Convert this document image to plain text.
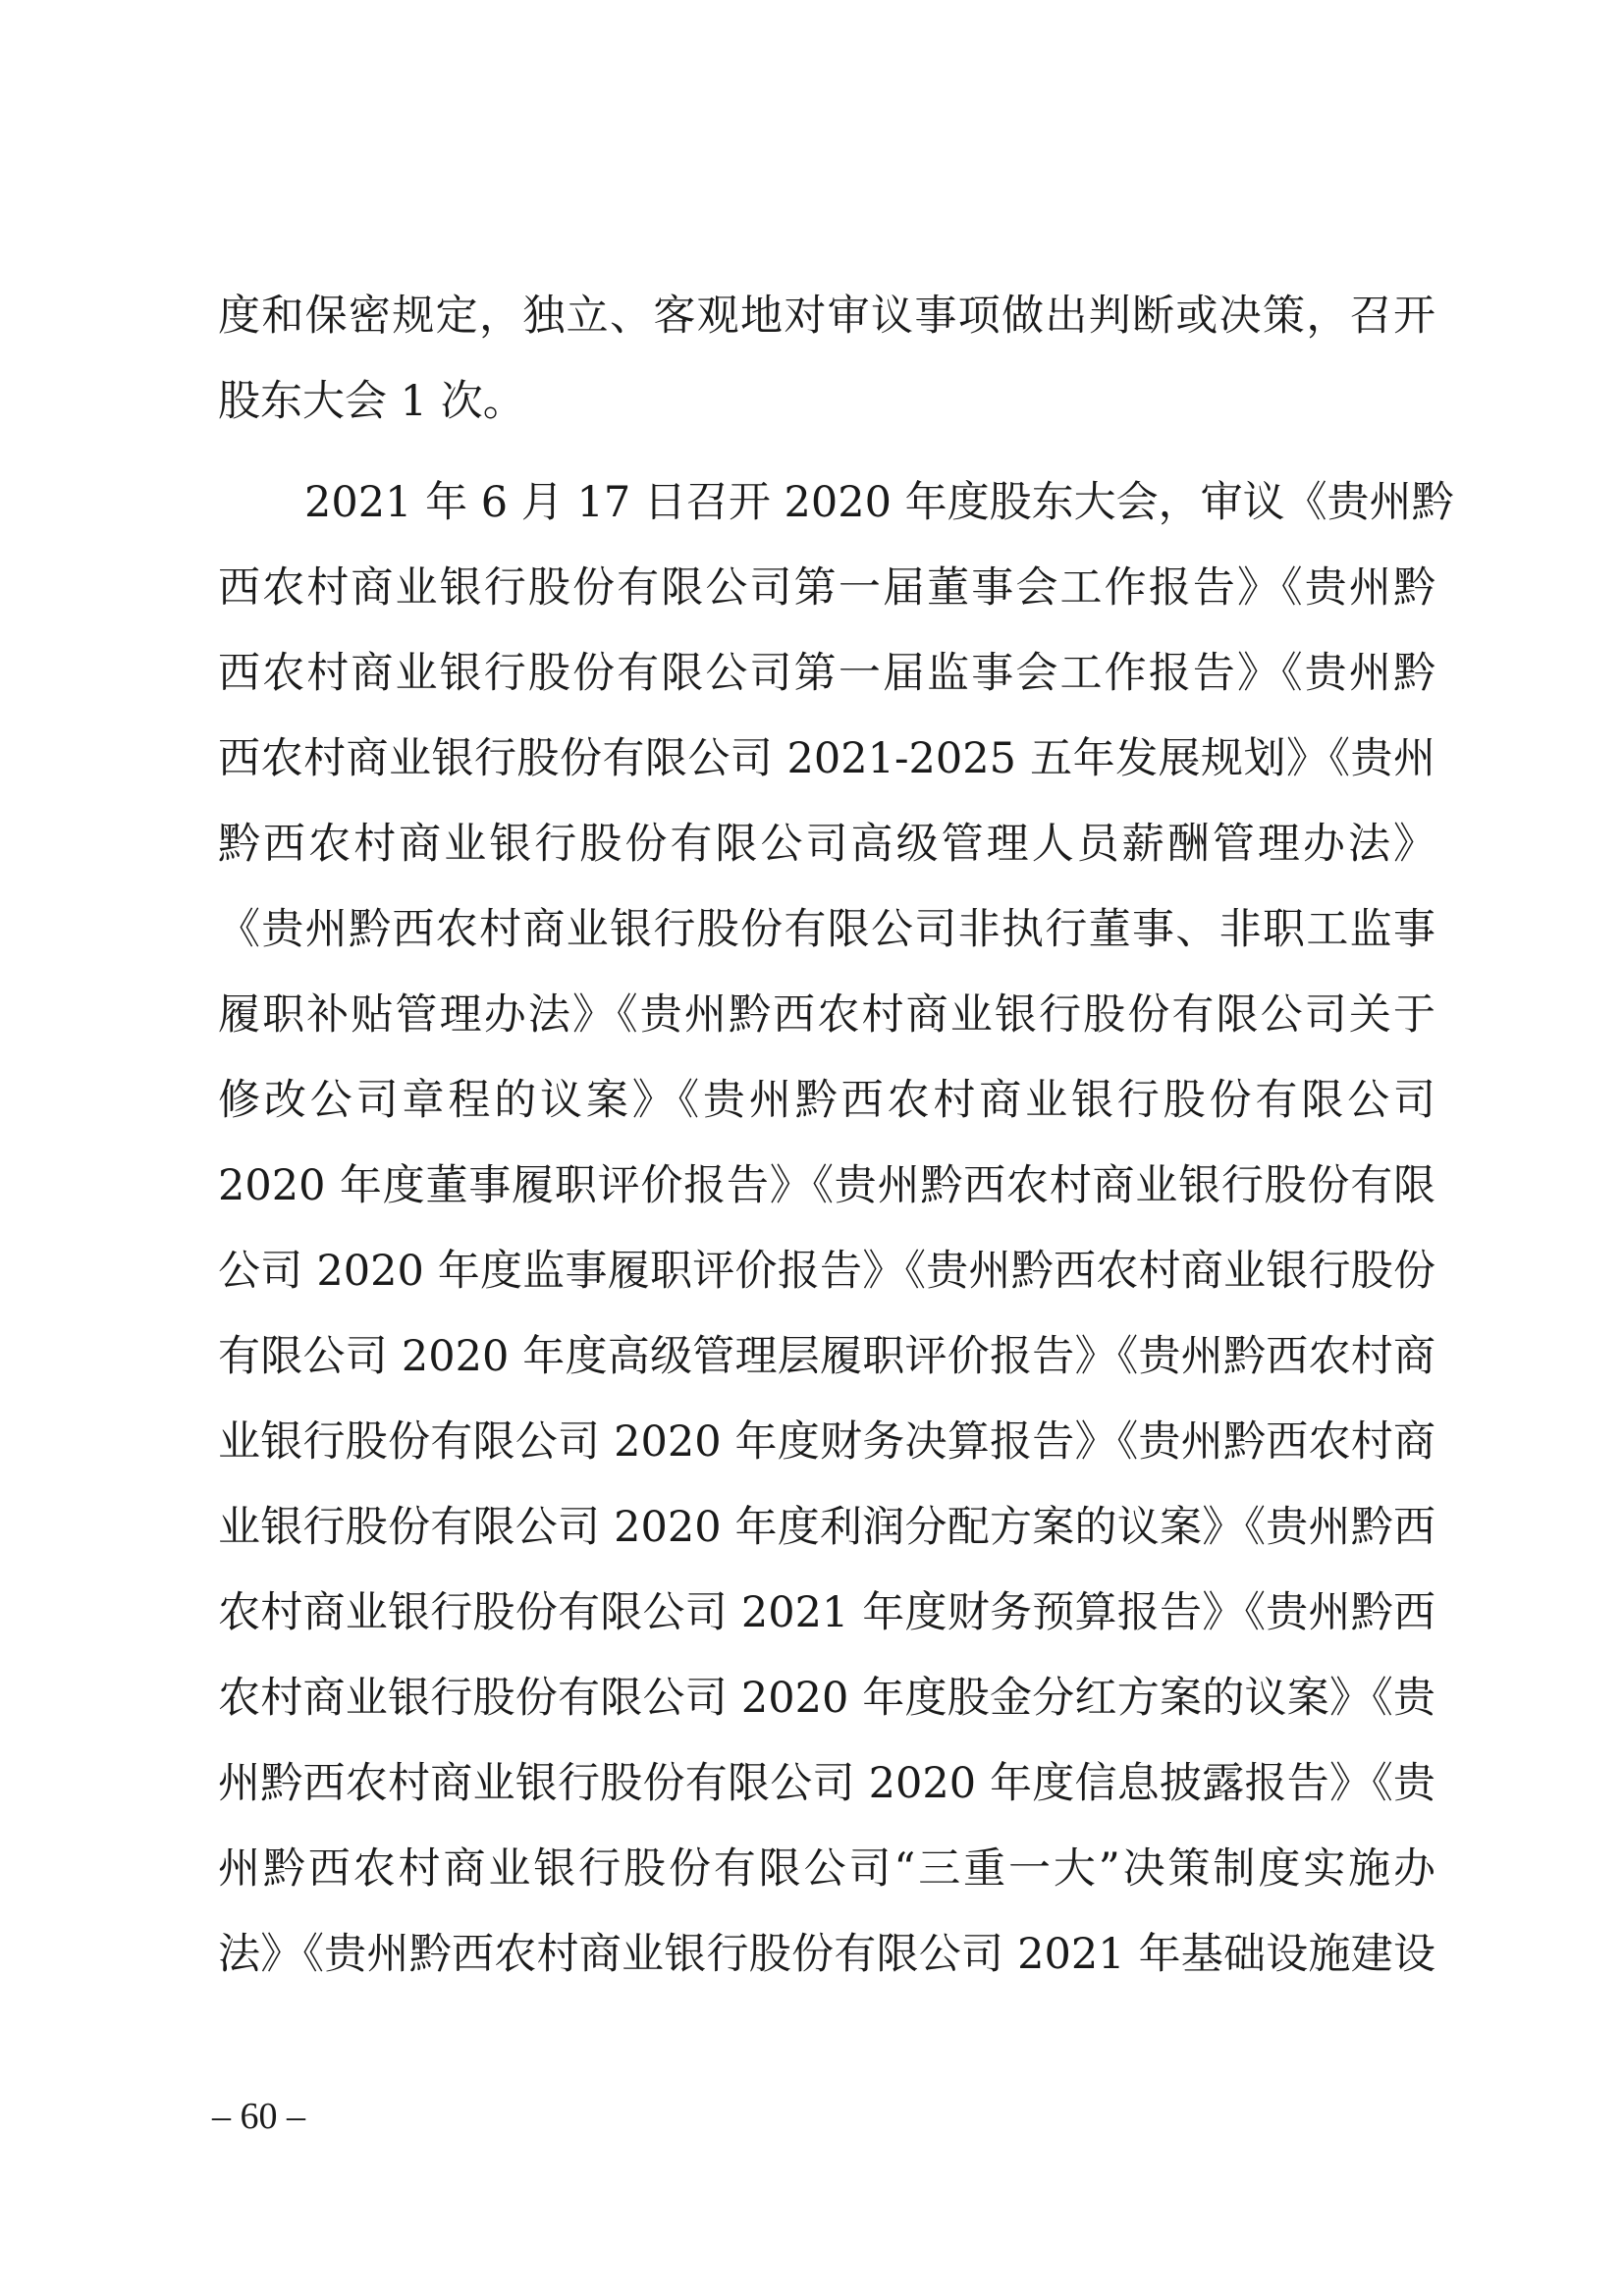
度和保密规定，独立、客观地对审议事项做出判断或决策，召开
股东大会 1 次。
2021 年 6 月 17 日召开 2020 年度股东大会，审议《贵州黔
西农村商业银行股份有限公司第一届董事会工作报告》《贵州黔
西农村商业银行股份有限公司第一届监事会工作报告》《贵州黔
西农村商业银行股份有限公司 2021-2025 五年发展规划》《贵州
黔西农村商业银行股份有限公司高级管理人员薪酬管理办法》
《贵州黔西农村商业银行股份有限公司非执行董事、非职工监事
履职补贴管理办法》《贵州黔西农村商业银行股份有限公司关于
修改公司章程的议案》《贵州黔西农村商业银行股份有限公司
2020 年度董事履职评价报告》《贵州黔西农村商业银行股份有限
公司 2020 年度监事履职评价报告》《贵州黔西农村商业银行股份
有限公司 2020 年度高级管理层履职评价报告》《贵州黔西农村商
业银行股份有限公司 2020 年度财务决算报告》《贵州黔西农村商
业银行股份有限公司 2020 年度利润分配方案的议案》《贵州黔西
农村商业银行股份有限公司 2021 年度财务预算报告》《贵州黔西
农村商业银行股份有限公司 2020 年度股金分红方案的议案》《贵
州黔西农村商业银行股份有限公司 2020 年度信息披露报告》《贵
州黔西农村商业银行股份有限公司“三重一大”决策制度实施办
法》《贵州黔西农村商业银行股份有限公司 2021 年基础设施建设
– 60 –
